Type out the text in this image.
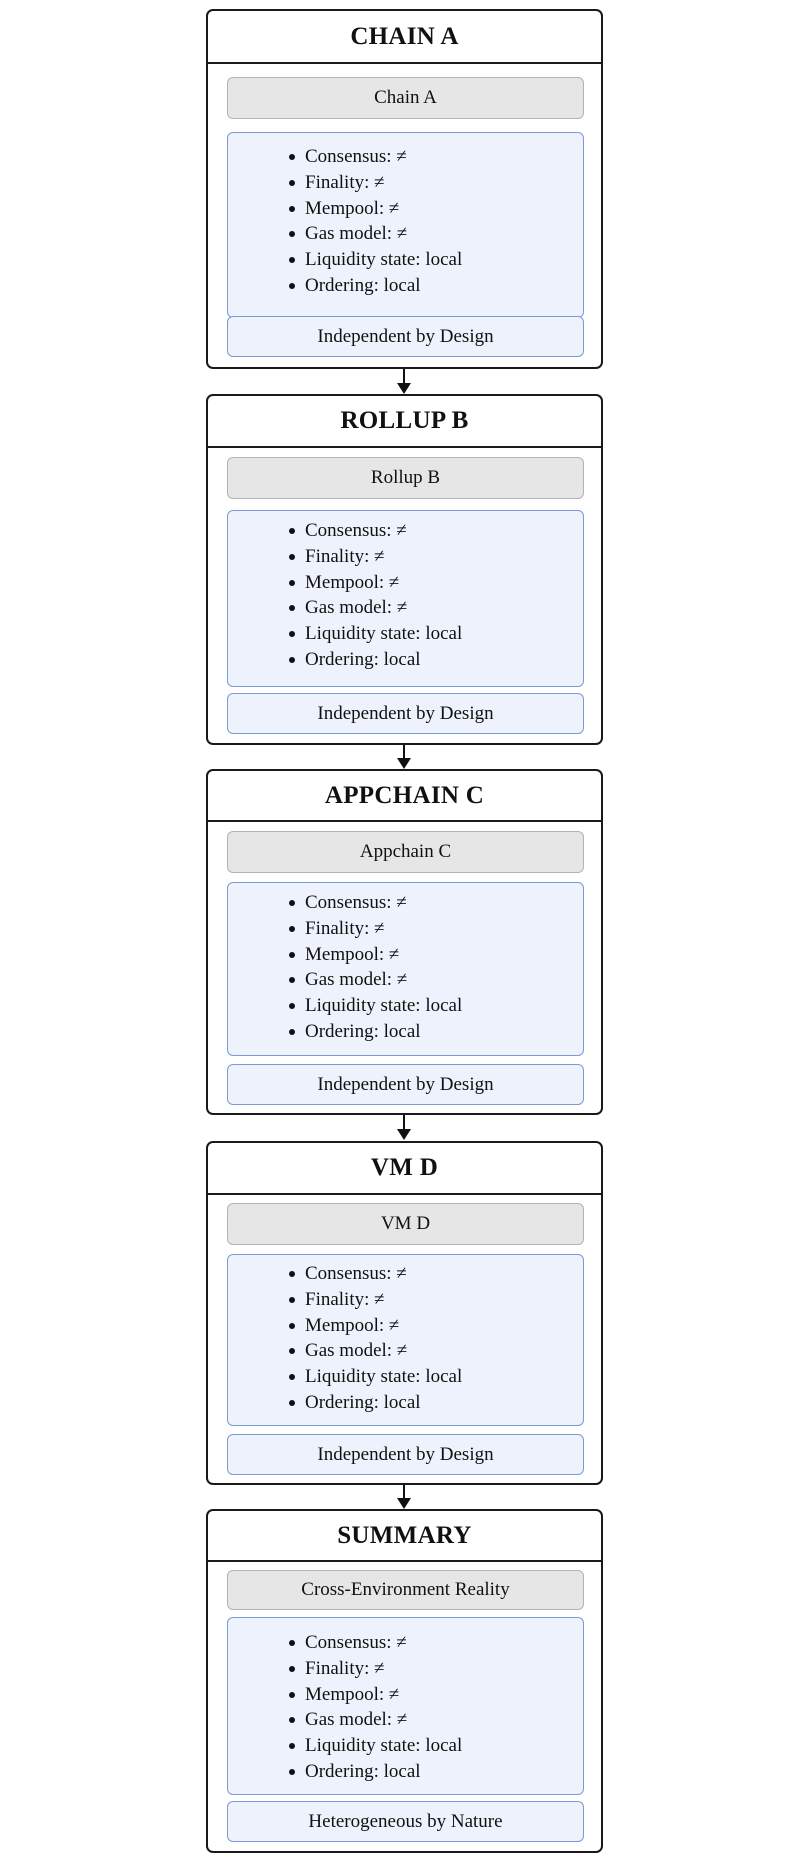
CHAIN A
Chain A
Consensus: ≠
Finality: ≠
Mempool: ≠
Gas model: ≠
Liquidity state: local
Ordering: local
Independent by Design
ROLLUP B
Rollup B
Consensus: ≠
Finality: ≠
Mempool: ≠
Gas model: ≠
Liquidity state: local
Ordering: local
Independent by Design
APPCHAIN C
Appchain C
Consensus: ≠
Finality: ≠
Mempool: ≠
Gas model: ≠
Liquidity state: local
Ordering: local
Independent by Design
VM D
VM D
Consensus: ≠
Finality: ≠
Mempool: ≠
Gas model: ≠
Liquidity state: local
Ordering: local
Independent by Design
SUMMARY
Cross-Environment Reality
Consensus: ≠
Finality: ≠
Mempool: ≠
Gas model: ≠
Liquidity state: local
Ordering: local
Heterogeneous by Nature
